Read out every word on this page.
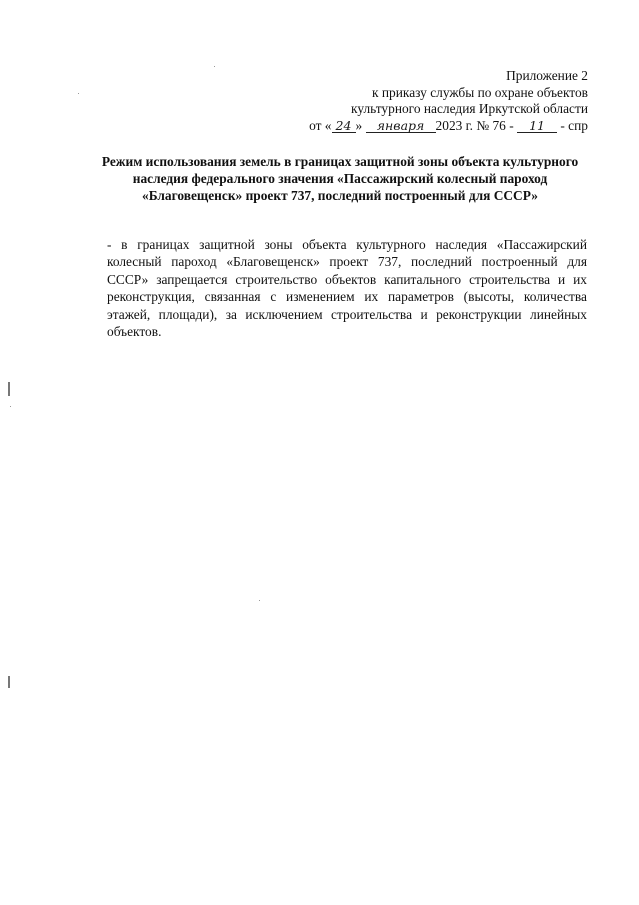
Приложение 2
к приказу службы по охране объектов
культурного наследия Иркутской области
от « 24 » января 2023 г. № 76 - 11 - спр
Режим использования земель в границах защитной зоны объекта культурного наследия федерального значения «Пассажирский колесный пароход «Благовещенск» проект 737, последний построенный для СССР»
- в границах защитной зоны объекта культурного наследия «Пассажирский колесный пароход «Благовещенск» проект 737, последний построенный для СССР» запрещается строительство объектов капитального строительства и их реконструкция, связанная с изменением их параметров (высоты, количества этажей, площади), за исключением строительства и реконструкции линейных объектов.
